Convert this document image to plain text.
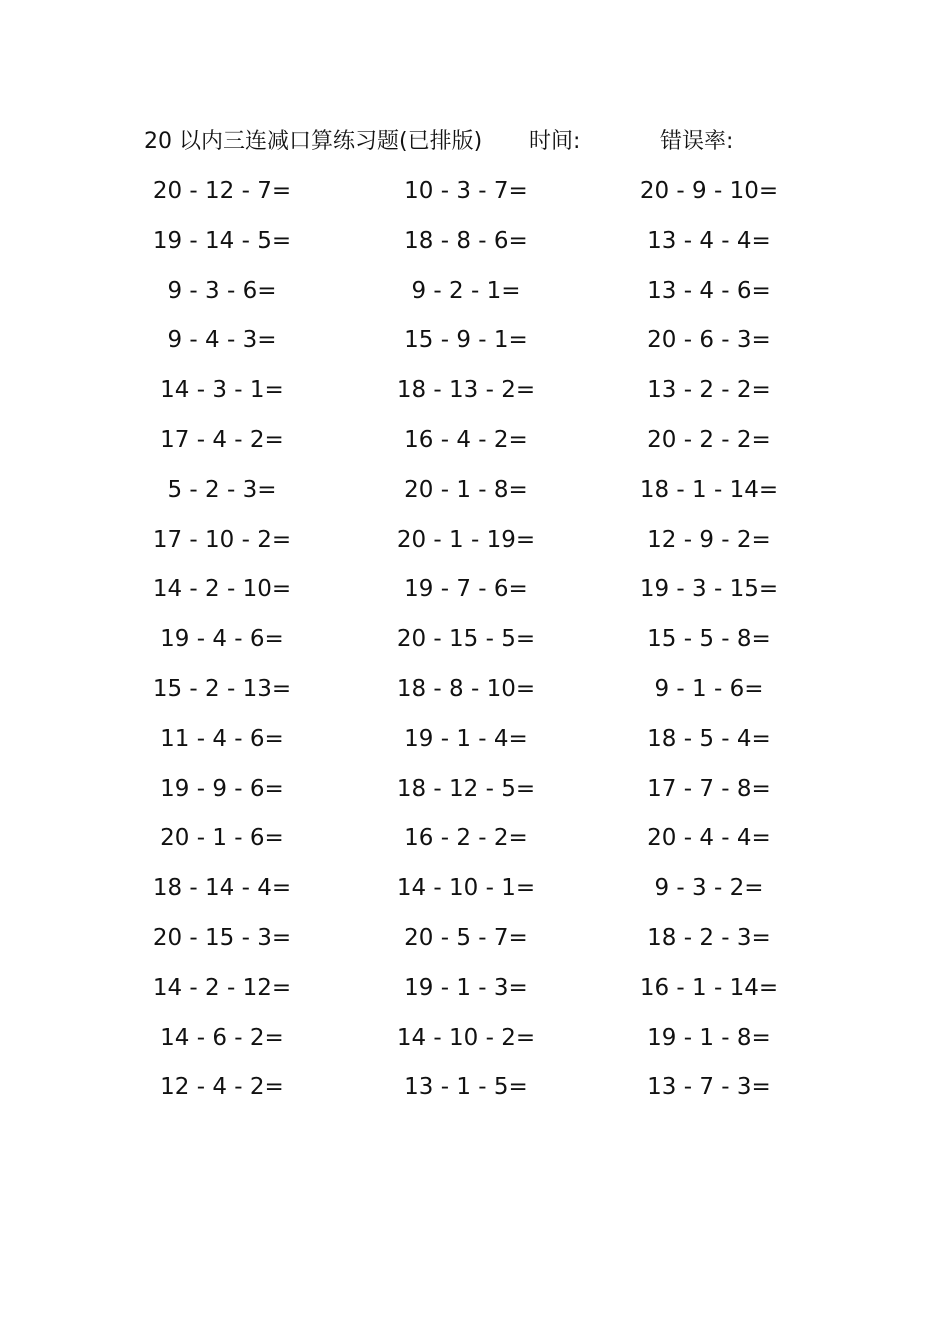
20 以内三连减口算练习题(已排版) 时间:	错误率:
20 - 12 - 7=	10 - 3 - 7=	20 - 9 - 10=
19 - 14 - 5=	18 - 8 - 6=	13 - 4 - 4=
9 - 3 - 6=	9 - 2 - 1=	13 - 4 - 6=
9 - 4 - 3=	15 - 9 - 1=	20 - 6 - 3=
14 - 3 - 1=	18 - 13 - 2=	13 - 2 - 2=
17 - 4 - 2=	16 - 4 - 2=	20 - 2 - 2=
5 - 2 - 3=	20 - 1 - 8=	18 - 1 - 14=
17 - 10 - 2=	20 - 1 - 19=	12 - 9 - 2=
14 - 2 - 10=	19 - 7 - 6=	19 - 3 - 15=
19 - 4 - 6=	20 - 15 - 5=	15 - 5 - 8=
15 - 2 - 13=	18 - 8 - 10=	9 - 1 - 6=
11 - 4 - 6=	19 - 1 - 4=	18 - 5 - 4=
19 - 9 - 6=	18 - 12 - 5=	17 - 7 - 8=
20 - 1 - 6=	16 - 2 - 2=	20 - 4 - 4=
18 - 14 - 4=	14 - 10 - 1=	9 - 3 - 2=
20 - 15 - 3=	20 - 5 - 7=	18 - 2 - 3=
14 - 2 - 12=	19 - 1 - 3=	16 - 1 - 14=
14 - 6 - 2=	14 - 10 - 2=	19 - 1 - 8=
12 - 4 - 2=	13 - 1 - 5=	13 - 7 - 3=
